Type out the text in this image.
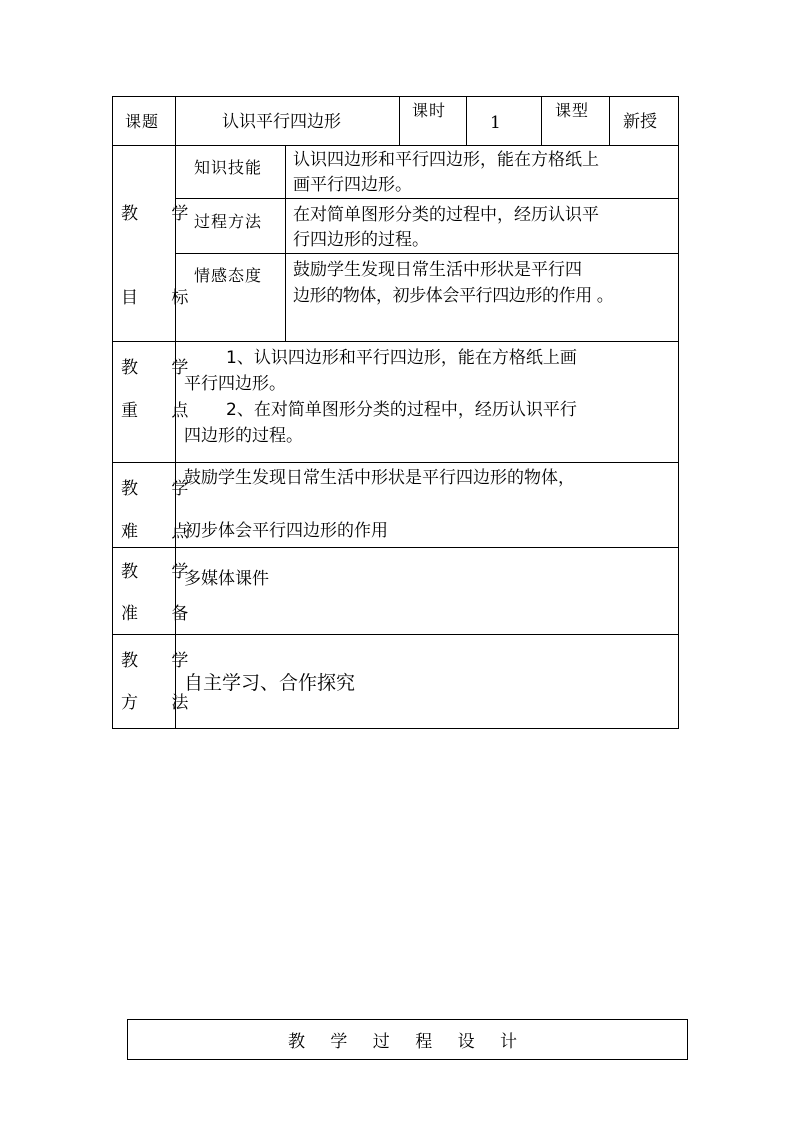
课题	认识平行四边形
课时
1
课型
新授
教 学
目 标
知识技能 认识四边形和平行四边形，能在方格纸上
画平行四边形。
过程方法 在对简单图形分类的过程中，经历认识平
行四边形的过程。
情感态度 鼓励学生发现日常生活中形状是平行四
边形的物体，初步体会平行四边形的作用 。
教 学
重 点
1、认识四边形和平行四边形，能在方格纸上画
平行四边形。
2、在对简单图形分类的过程中，经历认识平行
四边形的过程。
教 学
难 点
鼓励学生发现日常生活中形状是平行四边形的物体，
初步体会平行四边形的作用
教 学
准 备
多媒体课件
教 学
方 法
自主学习、合作探究
教 学 过 程 设 计
